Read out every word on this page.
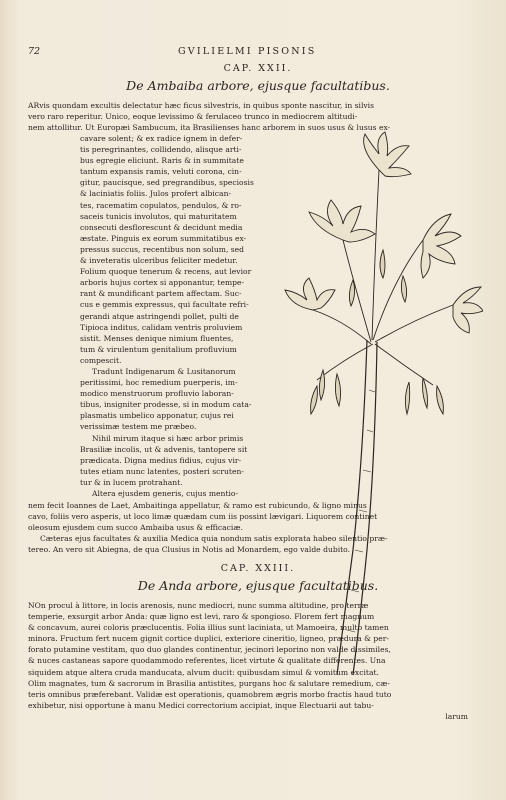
72	GVILIELMI PISONIS
CAP. XXII.
De Ambaiba arbore, ejusque facultatibus.

ARvis quondam excultis delectatur hæc ficus silvestris, in quibus sponte nascitur, in silvis

vero raro reperitur. Unico, eoque levissimo & ferulaceo trunco in mediocrem altitudi-

nem attollitur. Ut Europæi Sambucum, ita Brasilienses hanc arborem in suos usus & lusus ex-

cavare solent; & ex radice ignem in defer-

tis peregrinantes, collidendo, alisque arti-

bus egregie eliciunt. Raris & in summitate

tantum expansis ramis, veluti corona, cin-

gitur, paucisque, sed pregrandibus, speciosis

& laciniatis foliis. Julos profert albican-

tes, racematim copulatos, pendulos, & ro-

saceis tunicis involutos, qui maturitatem

consecuti desflorescunt & decidunt media

æstate. Pinguis ex eorum summitatibus ex-

pressus succus, recentibus non solum, sed

& inveteratis ulceribus feliciter medetur.

Folium quoque tenerum & recens, aut levior

arboris hujus cortex si apponantur, tempe-

rant & mundificant partem affectam. Suc-

cus e gemmis expressus, qui facultate refri-

gerandi atque astringendi pollet, pulti de

Tipioca inditus, calidam ventris proluviem

sistit. Menses denique nimium fluentes,

tum & virulentum genitalium profluvium

compescit.

Tradunt Indigenarum & Lusitanorum

peritissimi, hoc remedium puerperis, im-

modico menstruorum profluvio laboran-

tibus, insigniter prodesse, si in modum cata-

plasmatis umbelico apponatur, cujus rei

verissimæ testem me præbeo.

Nihil mirum itaque si hæc arbor primis

Brasiliæ incolis, ut & advenis, tantopere sit

prædicata. Digna medius fidius, cujus vir-

tutes etiam nunc latentes, posteri scruten-

tur & in lucem protrahant.

Altera ejusdem generis, cujus mentio-

nem fecit Ioannes de Laet, Ambaitinga appellatur, & ramo est rubicundo, & ligno minus

cavo, foliis vero asperis, ut loco limæ quædam cum iis possint lævigari. Liquorem continet

oleosum ejusdem cum succo Ambaiba usus & efficaciæ.

Cæteras ejus facultates & auxilia Medica quia nondum satis explorata habeo silentio præ-

tereo. An vero sit Abiegna, de qua Clusius in Notis ad Monardem, ego valde dubito.

CAP. XXIII.
De Anda arbore, ejusque facultatibus.

NOn procul à littore, in locis arenosis, nunc mediocri, nunc summa altitudine, pro terræ

temperie, exsurgit arbor Anda: quæ ligno est levi, raro & spongioso. Florem fert magnum

& concavum, aurei coloris præclucentis. Folia illius sunt laciniata, ut Mamoeira, multo tamen

minora. Fructum fert nucem gignit cortice duplici, exteriore cineritio, ligneo, prædura & per-

forato putamine vestitam, quo duo glandes continentur, jecinori leporino non valde dissimiles,

& nuces castaneas sapore quodammodo referentes, licet virtute & qualitate differentes. Una

siquidem atque altera cruda manducata, alvum ducit: quibusdam simul & vomitum excitat.

Olim magnates, tum & sacrorum in Brasilia antistites, purgans hoc & salutare remedium, cæ-

teris omnibus præferebant. Validæ est operationis, quamobrem ægris morbo fractis haud tuto

exhibetur, nisi opportune à manu Medici correctorium accipiat, inque Electuarii aut tabu-

larum
